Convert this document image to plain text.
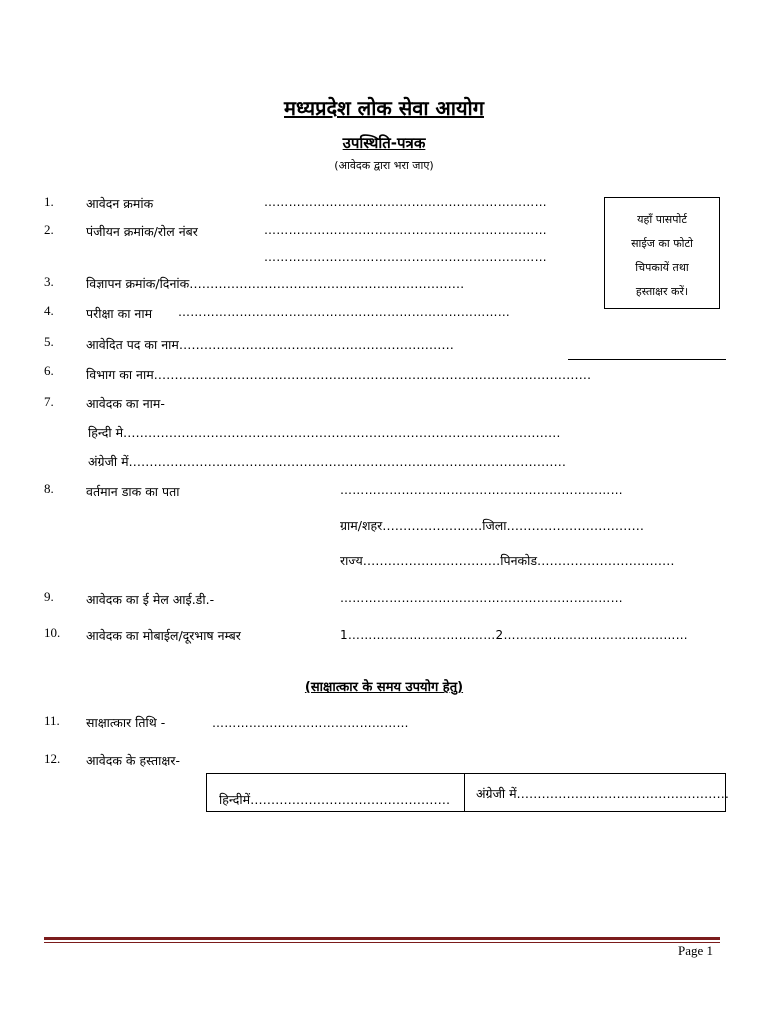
मध्यप्रदेश लोक सेवा आयोग
उपस्थिति-पत्रक
(आवेदक द्वारा भरा जाए)
यहाँ पासपोर्ट
साईज का फोटो
चिपकायें तथा
हस्ताक्षर करें।
1.	आवेदन क्रमांक	……………………………………………………………
2.	पंजीयन क्रमांक/रोल नंबर	……………………………………………………………
……………………………………………………………
3.	विज्ञापन क्रमांक/दिनांक…………………………………………………………
4.	परीक्षा का नाम ………………………………………………………………………
5.	आवेदित पद का नाम…………………………………………………………
6.	विभाग का नाम……………………………………………………………………………………………
7.	आवेदक का नाम-
हिन्दी मे……………………………………………………………………………………………
अंग्रेजी में……………………………………………………………………………………………
8.	वर्तमान डाक का पता	……………………………………………………………
ग्राम/शहर……………………जिला……………………………
राज्य……………………………पिनकोड……………………………
9.	आवेदक का ई मेल आई.डी.-	……………………………………………………………
10. आवेदक का मोबाईल/दूरभाष नम्बर	1………………………………2………………………………………
(साक्षात्कार के समय उपयोग हेतु)
11. साक्षात्कार तिथि -	…………………………………………
12. आवेदक के हस्ताक्षर-
हिन्दीमें………………………………………… अंग्रेजी में……………………………………………
Page 1
